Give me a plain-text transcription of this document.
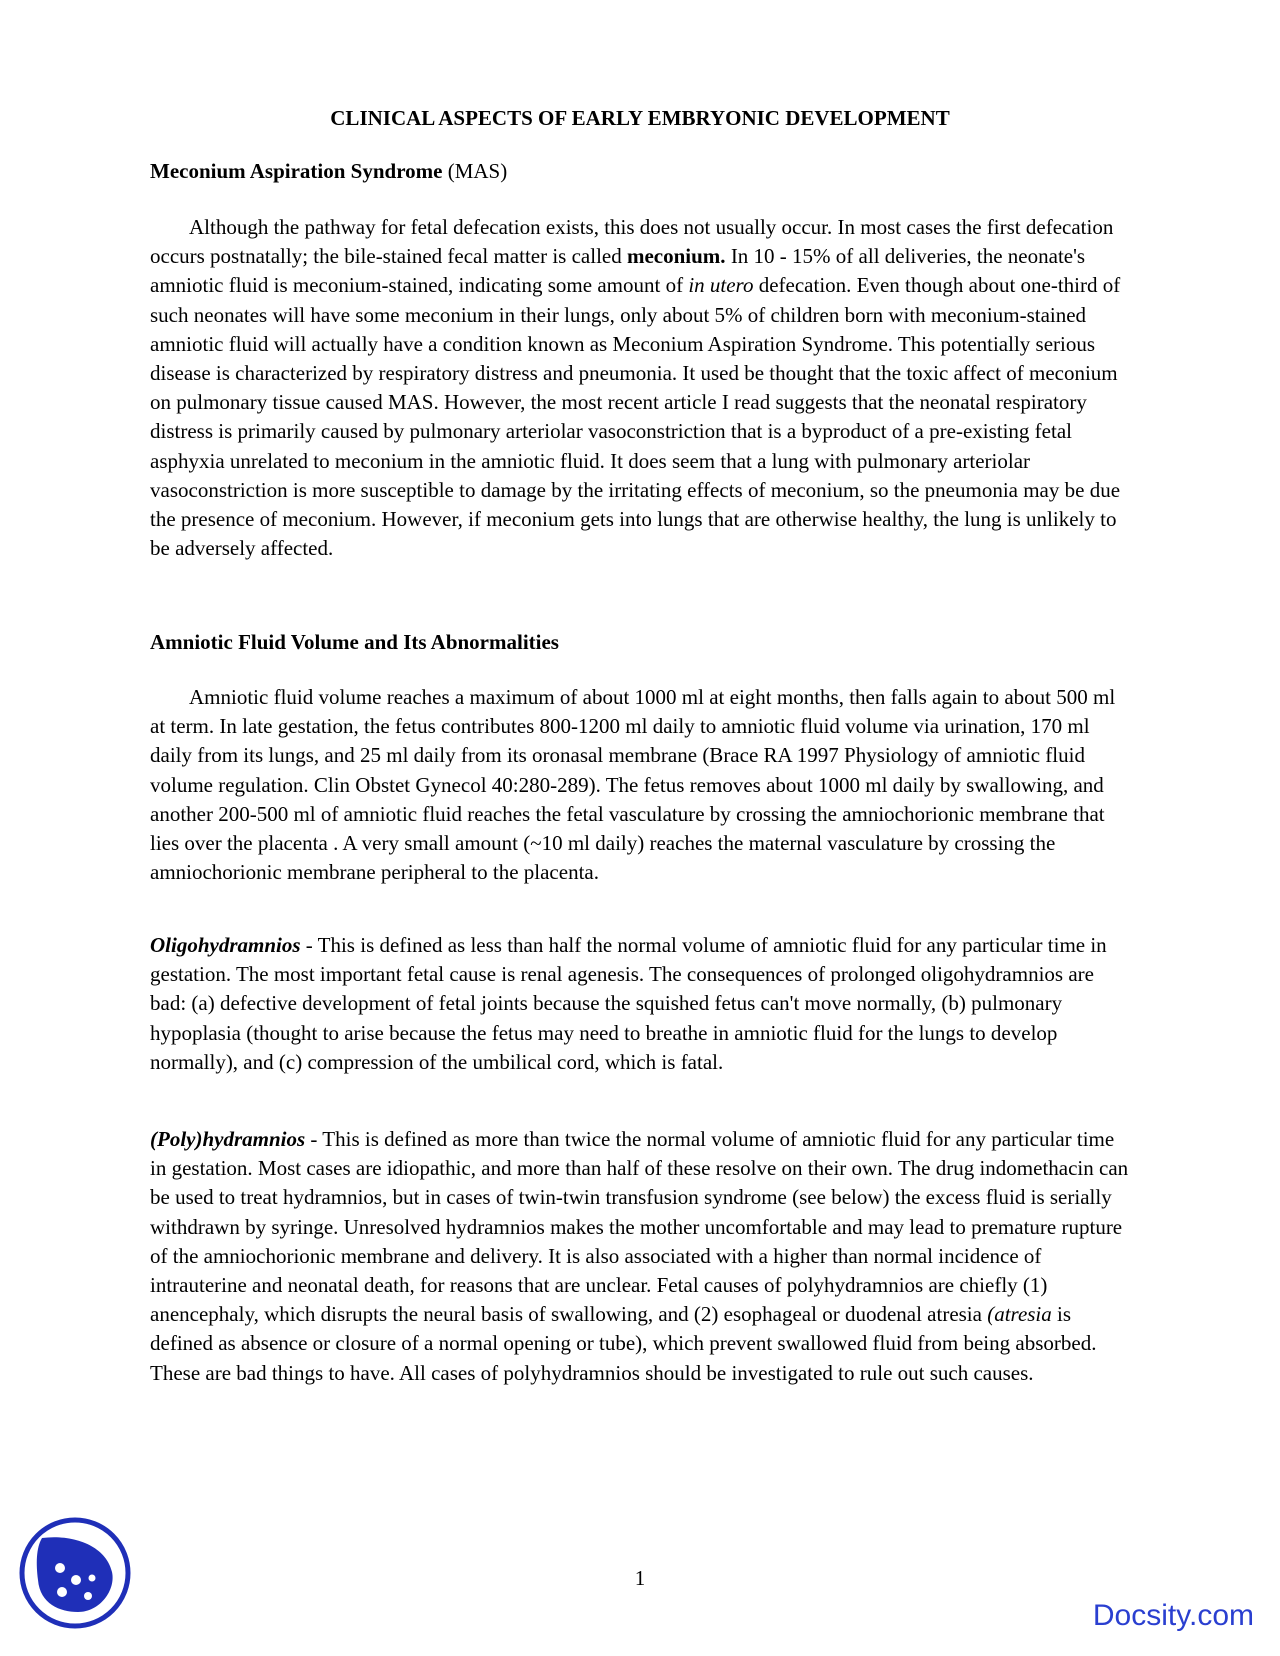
CLINICAL ASPECTS OF EARLY EMBRYONIC DEVELOPMENT

Meconium Aspiration Syndrome (MAS)

Although the pathway for fetal defecation exists, this does not usually occur. In most cases the first defecation occurs postnatally; the bile-stained fecal matter is called meconium. In 10 - 15% of all deliveries, the neonate's amniotic fluid is meconium-stained, indicating some amount of in utero defecation. Even though about one-third of such neonates will have some meconium in their lungs, only about 5% of children born with meconium-stained amniotic fluid will actually have a condition known as Meconium Aspiration Syndrome. This potentially serious disease is characterized by respiratory distress and pneumonia. It used be thought that the toxic affect of meconium on pulmonary tissue caused MAS. However, the most recent article I read suggests that the neonatal respiratory distress is primarily caused by pulmonary arteriolar vasoconstriction that is a byproduct of a pre-existing fetal asphyxia unrelated to meconium in the amniotic fluid. It does seem that a lung with pulmonary arteriolar vasoconstriction is more susceptible to damage by the irritating effects of meconium, so the pneumonia may be due the presence of meconium. However, if meconium gets into lungs that are otherwise healthy, the lung is unlikely to be adversely affected.

Amniotic Fluid Volume and Its Abnormalities

Amniotic fluid volume reaches a maximum of about 1000 ml at eight months, then falls again to about 500 ml at term. In late gestation, the fetus contributes 800-1200 ml daily to amniotic fluid volume via urination, 170 ml daily from its lungs, and 25 ml daily from its oronasal membrane (Brace RA 1997 Physiology of amniotic fluid volume regulation. Clin Obstet Gynecol 40:280-289). The fetus removes about 1000 ml daily by swallowing, and another 200-500 ml of amniotic fluid reaches the fetal vasculature by crossing the amniochorionic membrane that lies over the placenta . A very small amount (~10 ml daily) reaches the maternal vasculature by crossing the amniochorionic membrane peripheral to the placenta.

Oligohydramnios - This is defined as less than half the normal volume of amniotic fluid for any particular time in gestation. The most important fetal cause is renal agenesis. The consequences of prolonged oligohydramnios are bad: (a) defective development of fetal joints because the squished fetus can't move normally, (b) pulmonary hypoplasia (thought to arise because the fetus may need to breathe in amniotic fluid for the lungs to develop normally), and (c) compression of the umbilical cord, which is fatal.

(Poly)hydramnios - This is defined as more than twice the normal volume of amniotic fluid for any particular time in gestation. Most cases are idiopathic, and more than half of these resolve on their own. The drug indomethacin can be used to treat hydramnios, but in cases of twin-twin transfusion syndrome (see below) the excess fluid is serially withdrawn by syringe. Unresolved hydramnios makes the mother uncomfortable and may lead to premature rupture of the amniochorionic membrane and delivery. It is also associated with a higher than normal incidence of intrauterine and neonatal death, for reasons that are unclear. Fetal causes of polyhydramnios are chiefly (1) anencephaly, which disrupts the neural basis of swallowing, and (2) esophageal or duodenal atresia (atresia is defined as absence or closure of a normal opening or tube), which prevent swallowed fluid from being absorbed. These are bad things to have. All cases of polyhydramnios should be investigated to rule out such causes.

1

Docsity.com
